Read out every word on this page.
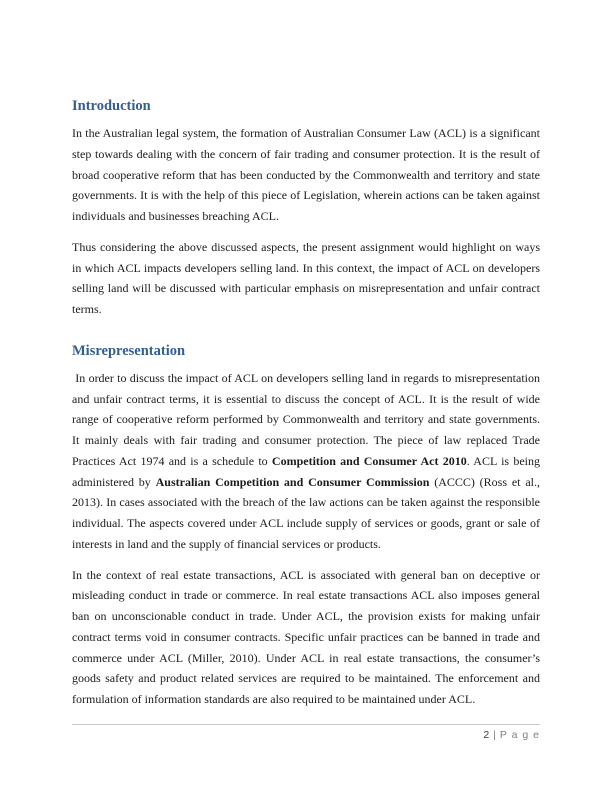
Introduction

In the Australian legal system, the formation of Australian Consumer Law (ACL) is a significant step towards dealing with the concern of fair trading and consumer protection. It is the result of broad cooperative reform that has been conducted by the Commonwealth and territory and state governments. It is with the help of this piece of Legislation, wherein actions can be taken against individuals and businesses breaching ACL.

Thus considering the above discussed aspects, the present assignment would highlight on ways in which ACL impacts developers selling land. In this context, the impact of ACL on developers selling land will be discussed with particular emphasis on misrepresentation and unfair contract terms.

Misrepresentation

In order to discuss the impact of ACL on developers selling land in regards to misrepresentation and unfair contract terms, it is essential to discuss the concept of ACL. It is the result of wide range of cooperative reform performed by Commonwealth and territory and state governments. It mainly deals with fair trading and consumer protection. The piece of law replaced Trade Practices Act 1974 and is a schedule to Competition and Consumer Act 2010. ACL is being administered by Australian Competition and Consumer Commission (ACCC) (Ross et al., 2013). In cases associated with the breach of the law actions can be taken against the responsible individual. The aspects covered under ACL include supply of services or goods, grant or sale of interests in land and the supply of financial services or products.

In the context of real estate transactions, ACL is associated with general ban on deceptive or misleading conduct in trade or commerce. In real estate transactions ACL also imposes general ban on unconscionable conduct in trade. Under ACL, the provision exists for making unfair contract terms void in consumer contracts. Specific unfair practices can be banned in trade and commerce under ACL (Miller, 2010). Under ACL in real estate transactions, the consumer’s goods safety and product related services are required to be maintained. The enforcement and formulation of information standards are also required to be maintained under ACL.

2 | P a g e
